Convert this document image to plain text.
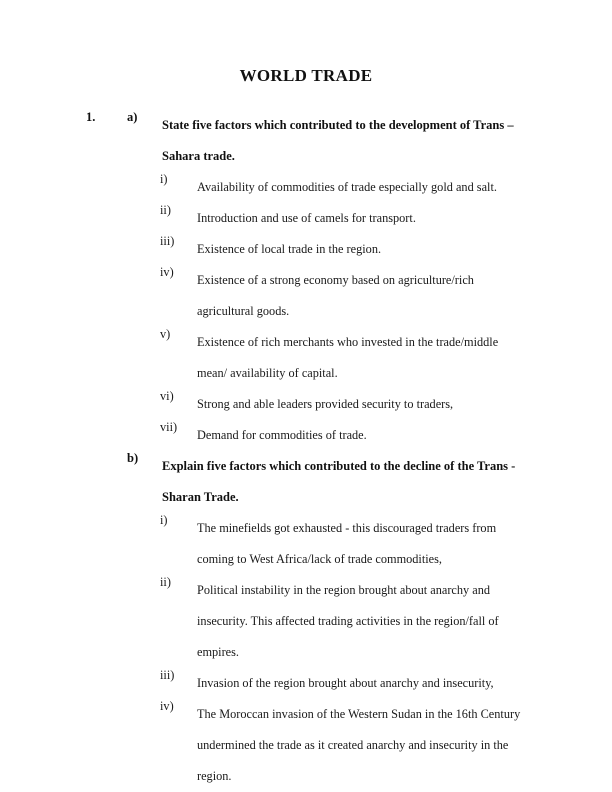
WORLD TRADE
1.	a)
State five factors which contributed to the development of Trans –
Sahara trade.
i)
Availability of commodities of trade especially gold and salt.
ii)
Introduction and use of camels for transport.
iii)
Existence of local trade in the region.
iv)
Existence of a strong economy based on agriculture/rich
agricultural goods.
v)
Existence of rich merchants who invested in the trade/middle
mean/ availability of capital.
vi)
Strong and able leaders provided security to traders,
vii)
Demand for commodities of trade.
b)
Explain five factors which contributed to the decline of the Trans -
Sharan Trade.
i)
The minefields got exhausted - this discouraged traders from
coming to West Africa/lack of trade commodities,
ii)
Political instability in the region brought about anarchy and
insecurity. This affected trading activities in the region/fall of
empires.
iii)
Invasion of the region brought about anarchy and insecurity,
iv)
The Moroccan invasion of the Western Sudan in the 16th Century
undermined the trade as it created anarchy and insecurity in the
region.
